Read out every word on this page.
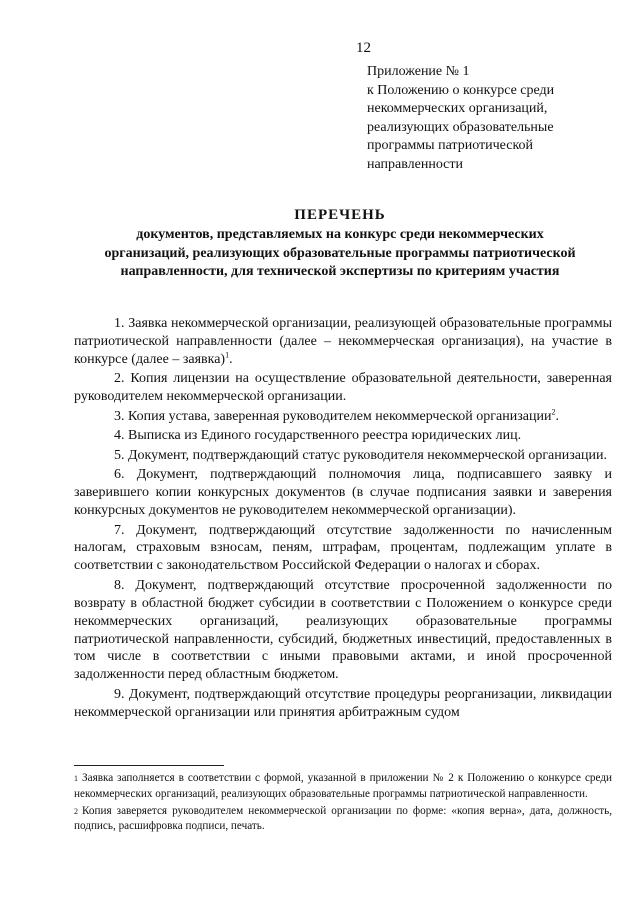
12
Приложение № 1
к Положению о конкурсе среди
некоммерческих организаций,
реализующих образовательные
программы патриотической
направленности
ПЕРЕЧЕНЬ
документов, представляемых на конкурс среди некоммерческих
организаций, реализующих образовательные программы патриотической
направленности, для технической экспертизы по критериям участия

1. Заявка некоммерческой организации, реализующей образовательные программы патриотической направленности (далее – некоммерческая организация), на участие в конкурсе (далее – заявка)$^1$.

2. Копия лицензии на осуществление образовательной деятельности, заверенная руководителем некоммерческой организации.

3. Копия устава, заверенная руководителем некоммерческой организации$^2$.

4. Выписка из Единого государственного реестра юридических лиц.

5. Документ, подтверждающий статус руководителя некоммерческой организации.

6. Документ, подтверждающий полномочия лица, подписавшего заявку и заверившего копии конкурсных документов (в случае подписания заявки и заверения конкурсных документов не руководителем некоммерческой организации).

7. Документ, подтверждающий отсутствие задолженности по начисленным налогам, страховым взносам, пеням, штрафам, процентам, подлежащим уплате в соответствии с законодательством Российской Федерации о налогах и сборах.

8. Документ, подтверждающий отсутствие просроченной задолженности по возврату в областной бюджет субсидии в соответствии с Положением о конкурсе среди некоммерческих организаций, реализующих образовательные программы патриотической направленности, субсидий, бюджетных инвестиций, предоставленных в том числе в соответствии с иными правовыми актами, и иной просроченной задолженности перед областным бюджетом.

9. Документ, подтверждающий отсутствие процедуры реорганизации, ликвидации некоммерческой организации или принятия арбитражным судом

1 Заявка заполняется в соответствии с формой, указанной в приложении № 2 к Положению о конкурсе среди некоммерческих организаций, реализующих образовательные программы патриотической направленности.

2 Копия заверяется руководителем некоммерческой организации по форме: «копия верна», дата, должность, подпись, расшифровка подписи, печать.
